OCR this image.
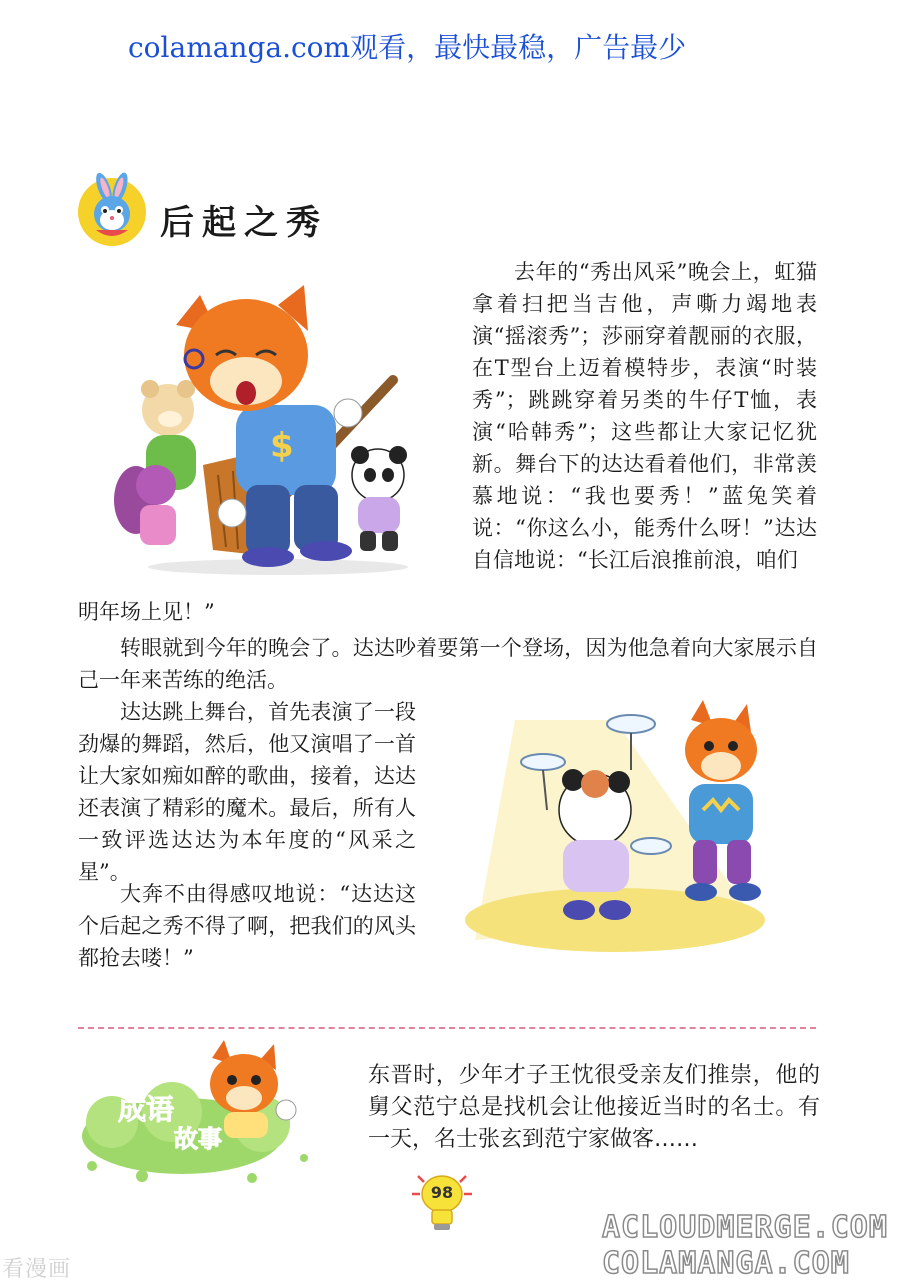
colamanga.com观看，最快最稳，广告最少
后起之秀
$

去年的“秀出风采”晚会上，虹猫拿着扫把当吉他，声嘶力竭地表演“摇滚秀”；莎丽穿着靓丽的衣服，在T型台上迈着模特步，表演“时装秀”；跳跳穿着另类的牛仔T恤，表演“哈韩秀”；这些都让大家记忆犹新。舞台下的达达看着他们，非常羡慕地说：“我也要秀！”蓝兔笑着说：“你这么小，能秀什么呀！”达达自信地说：“长江后浪推前浪，咱们

明年场上见！”

转眼就到今年的晚会了。达达吵着要第一个登场，因为他急着向大家展示自己一年来苦练的绝活。

达达跳上舞台，首先表演了一段劲爆的舞蹈，然后，他又演唱了一首让大家如痴如醉的歌曲，接着，达达还表演了精彩的魔术。最后，所有人一致评选达达为本年度的“风采之星”。

大奔不由得感叹地说：“达达这个后起之秀不得了啊，把我们的风头都抢去喽！”

成语
故事
东晋时，少年才子王忱很受亲友们推崇，他的舅父范宁总是找机会让他接近当时的名士。有一天，名士张玄到范宁家做客……
98
看漫画
ACLOUDMERGE.COM
COLAMANGA.COM
